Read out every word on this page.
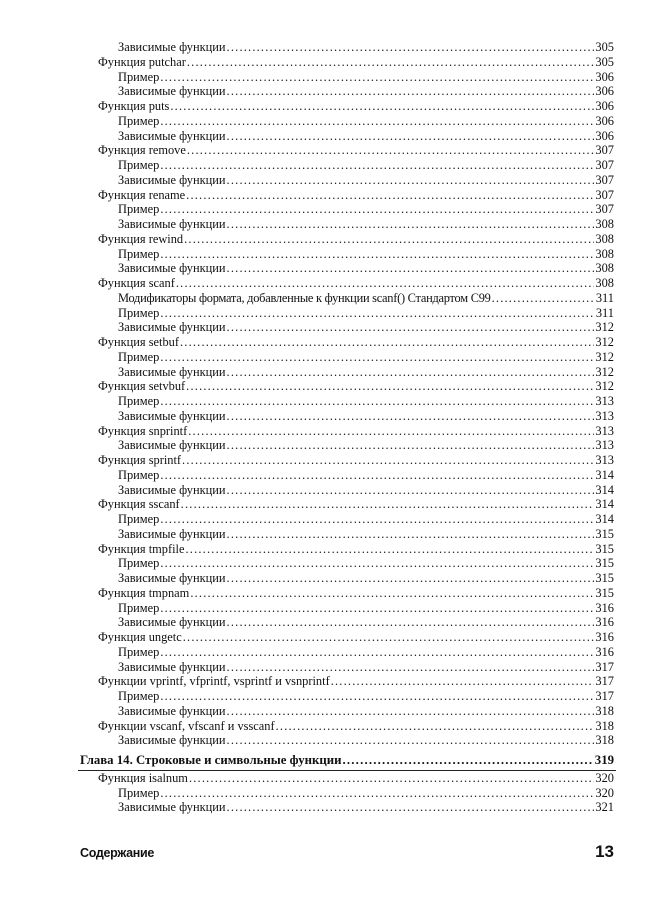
Зависимые функции .....	305
Функция putchar .....	305
Пример .....	306
Зависимые функции .....	306
Функция puts .....	306
Пример .....	306
Зависимые функции .....	306
Функция remove .....	307
Пример .....	307
Зависимые функции .....	307
Функция rename .....	307
Пример .....	307
Зависимые функции .....	308
Функция rewind .....	308
Пример .....	308
Зависимые функции .....	308
Функция scanf .....	308
Модификаторы формата, добавленные к функции scanf() Стандартом C99 .....	311
Пример .....	311
Зависимые функции .....	312
Функция setbuf .....	312
Пример .....	312
Зависимые функции .....	312
Функция setvbuf .....	312
Пример .....	313
Зависимые функции .....	313
Функция snprintf .....	313
Зависимые функции .....	313
Функция sprintf .....	313
Пример .....	314
Зависимые функции .....	314
Функция sscanf .....	314
Пример .....	314
Зависимые функции .....	315
Функция tmpfile .....	315
Пример .....	315
Зависимые функции .....	315
Функция tmpnam .....	315
Пример .....	316
Зависимые функции .....	316
Функция ungetc .....	316
Пример .....	316
Зависимые функции .....	317
Функции vprintf, vfprintf, vsprintf и vsnprintf .....	317
Пример .....	317
Зависимые функции .....	318
Функции vscanf, vfscanf и vsscanf .....	318
Зависимые функции .....	318
Глава 14. Строковые и символьные функции .....	319
Функция isalnum .....	320
Пример .....	320
Зависимые функции .....	321
Содержание	13
